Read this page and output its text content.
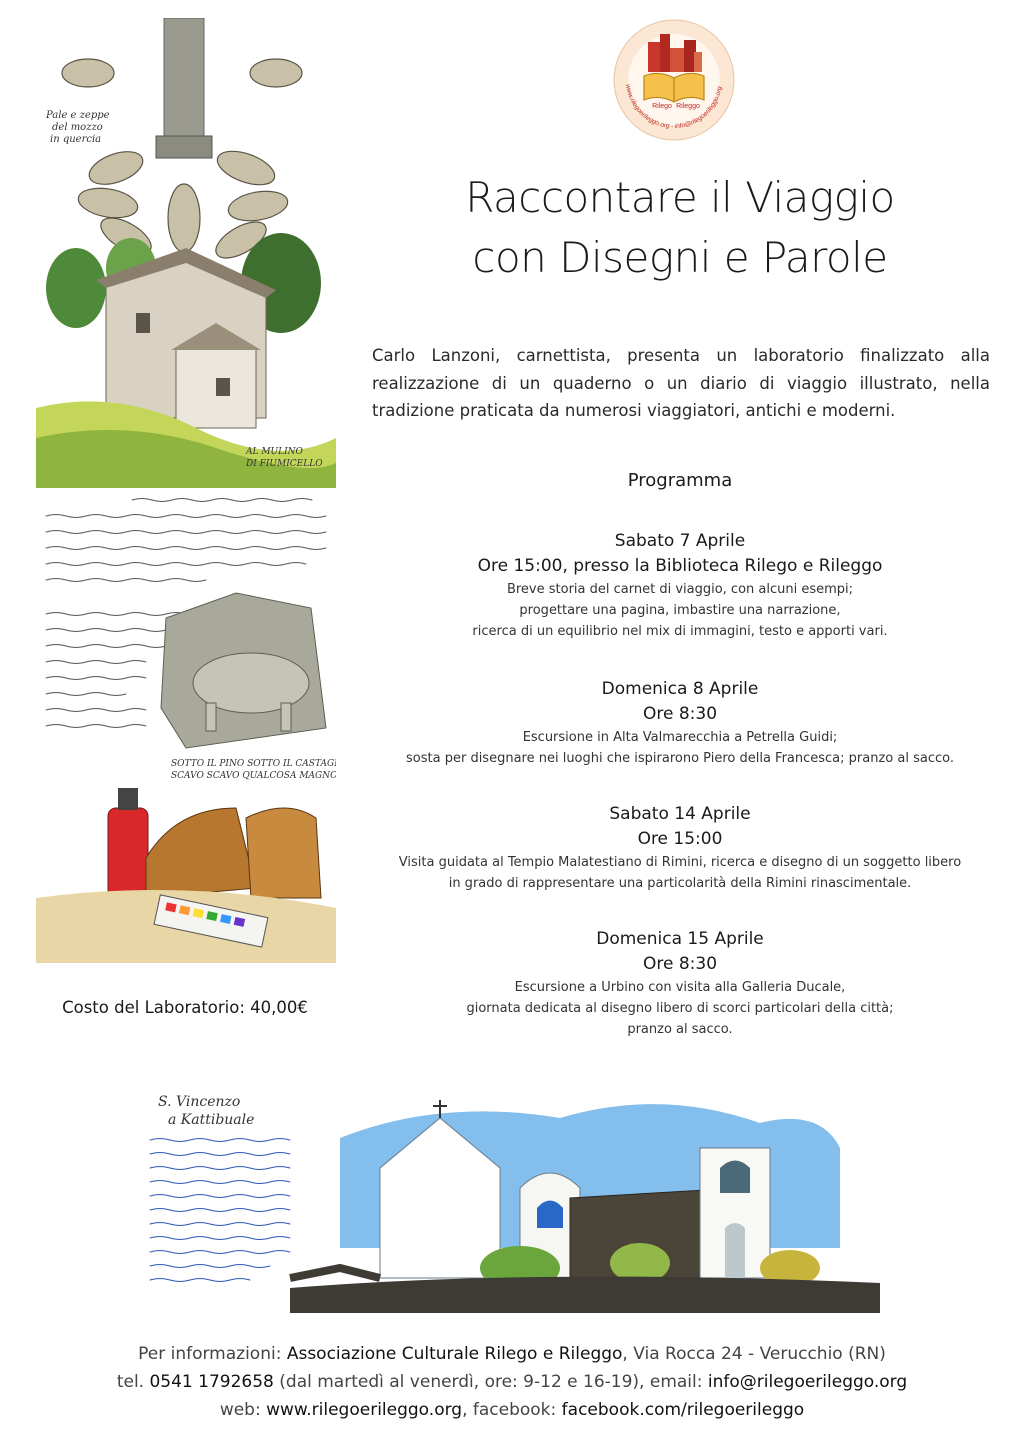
Rilego Rileggo
www.rilegoerileggo.org - info@rilegoerileggo.org
Raccontare il Viaggio
con Disegni e Parole
Carlo Lanzoni, carnettista, presenta un laboratorio finalizzato alla realizzazione di un quaderno o un diario di viaggio illustrato, nella tradizione praticata da numerosi viaggiatori, antichi e moderni.
Programma
Sabato 7 Aprile
Ore 15:00, presso la Biblioteca Rilego e Rileggo
Breve storia del carnet di viaggio, con alcuni esempi;
progettare una pagina, imbastire una narrazione,
ricerca di un equilibrio nel mix di immagini, testo e apporti vari.
Domenica 8 Aprile
Ore 8:30
Escursione in Alta Valmarecchia a Petrella Guidi;
sosta per disegnare nei luoghi che ispirarono Piero della Francesca; pranzo al sacco.
Sabato 14 Aprile
Ore 15:00
Visita guidata al Tempio Malatestiano di Rimini, ricerca e disegno di un soggetto libero
in grado di rappresentare una particolarità della Rimini rinascimentale.
Domenica 15 Aprile
Ore 8:30
Escursione a Urbino con visita alla Galleria Ducale,
giornata dedicata al disegno libero di scorci particolari della città;
pranzo al sacco.
Costo del Laboratorio: 40,00€
Pale e zeppe
del mozzo
in quercia
AL MULINO
DI FIUMICELLO
SOTTO IL PINO SOTTO IL CASTAGNO
SCAVO SCAVO QUALCOSA MAGNO
S. Vincenzo
a Kattibuale
Per informazioni: Associazione Culturale Rilego e Rileggo, Via Rocca 24 - Verucchio (RN)
tel. 0541 1792658 (dal martedì al venerdì, ore: 9-12 e 16-19), email: info@rilegoerileggo.org
web: www.rilegoerileggo.org, facebook: facebook.com/rilegoerileggo
